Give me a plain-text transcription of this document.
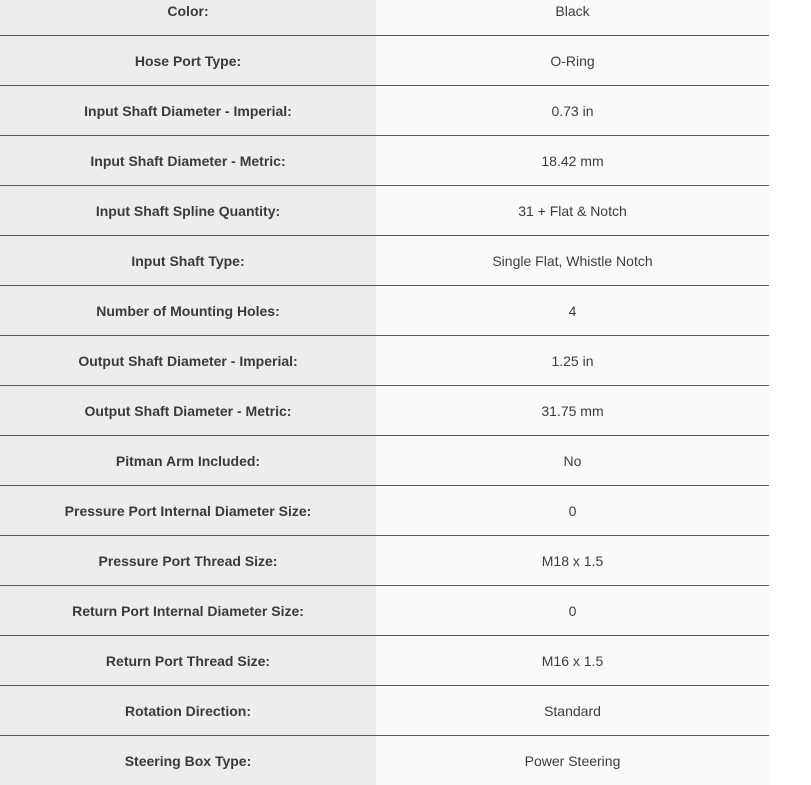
Color:	Black
Hose Port Type:	O-Ring
Input Shaft Diameter - Imperial:	0.73 in
Input Shaft Diameter - Metric:	18.42 mm
Input Shaft Spline Quantity:	31 + Flat & Notch
Input Shaft Type:	Single Flat, Whistle Notch
Number of Mounting Holes:	4
Output Shaft Diameter - Imperial:	1.25 in
Output Shaft Diameter - Metric:	31.75 mm
Pitman Arm Included:	No
Pressure Port Internal Diameter Size:	0
Pressure Port Thread Size:	M18 x 1.5
Return Port Internal Diameter Size:	0
Return Port Thread Size:	M16 x 1.5
Rotation Direction:	Standard
Steering Box Type:	Power Steering
